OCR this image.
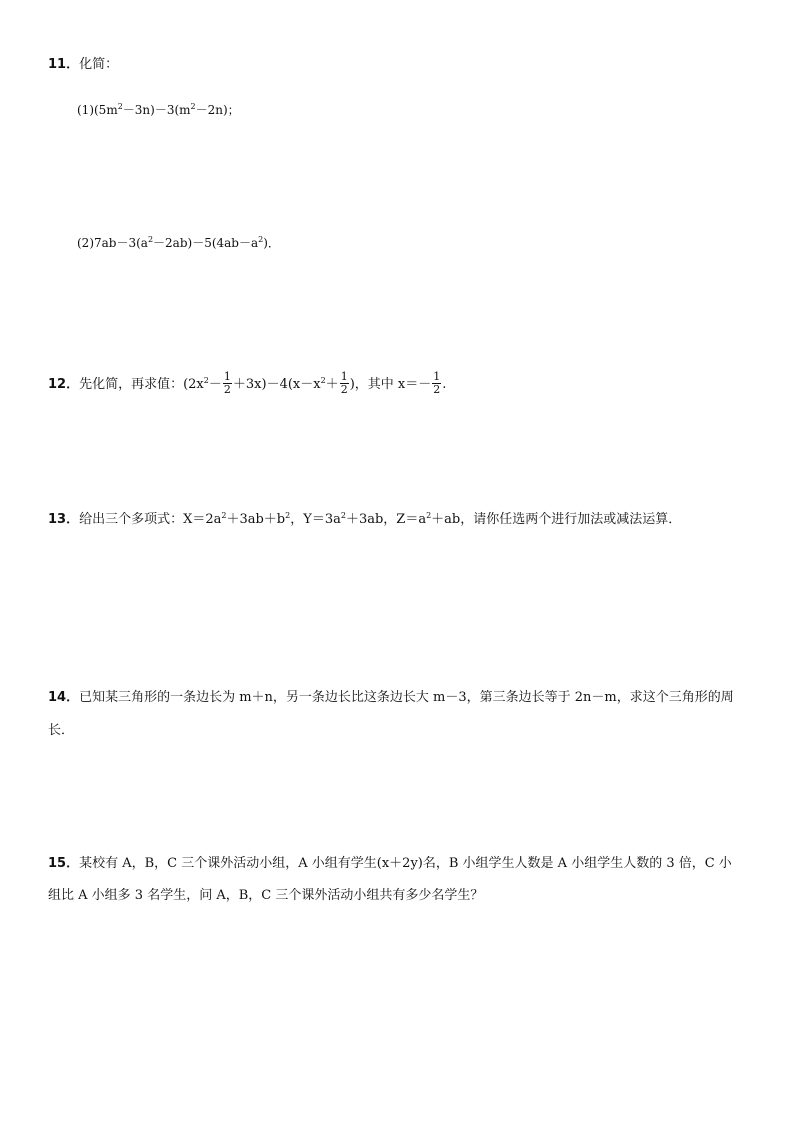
11．化简：
$(1)(5m^2-3n)-3(m^2-2n)$；
$(2)7ab-3(a^2-2ab)-5(4ab-a^2)$．
12．先化简，再求值：$(2x^2- \frac{1}{2} +3x)-4(x-x^2+ \frac{1}{2}$ )，其中 $x=- \frac{1}{2}$ .
13．给出三个多项式：$X=2a^2+3ab+b^2$，$Y=3a^2+3ab$，$Z=a^2+ab$，请你任选两个进行加法或减法运算．
14．已知某三角形的一条边长为 m＋n，另一条边长比这条边长大 m－3，第三条边长等于 2n－m，求这个三角形的周
长．
15．某校有 A，B，C 三个课外活动小组，A 小组有学生(x＋2y)名，B 小组学生人数是 A 小组学生人数的 3 倍，C 小
组比 A 小组多 3 名学生，问 A，B，C 三个课外活动小组共有多少名学生？
